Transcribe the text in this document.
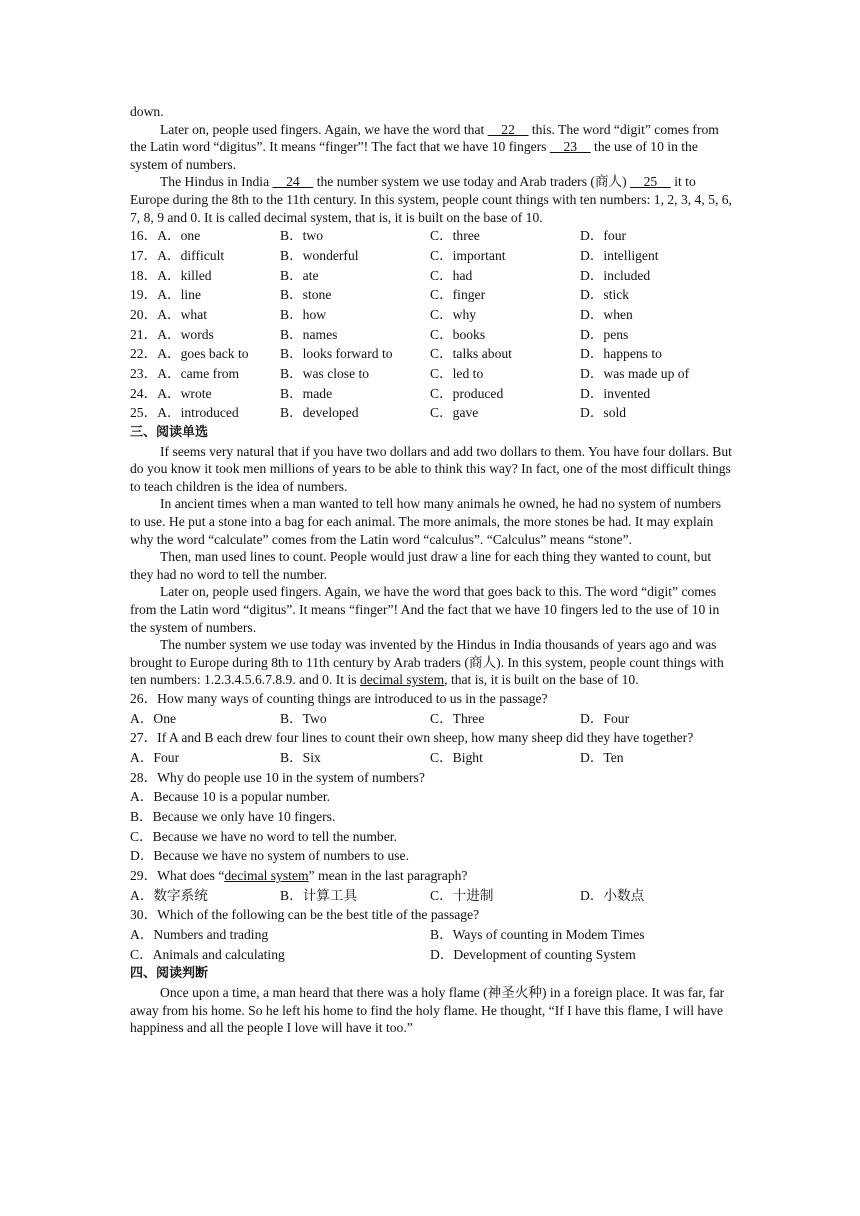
down.

Later on, people used fingers. Again, we have the word that     22     this. The word “digit” comes from the Latin word “digitus”. It means “finger”! The fact that we have 10 fingers     23     the use of 10 in the system of numbers.

The Hindus in India     24     the number system we use today and Arab traders (商人)     25     it to Europe during the 8th to the 11th century. In this system, people count things with ten numbers: 1, 2, 3, 4, 5, 6, 7, 8, 9 and 0. It is called decimal system, that is, it is built on the base of 10.

16．A．one	B．two	C．three	D．four
17．A．difficult	B．wonderful	C．important	D．intelligent
18．A．killed	B．ate	C．had	D．included
19．A．line	B．stone	C．finger	D．stick
20．A．what	B．how	C．why	D．when
21．A．words	B．names	C．books	D．pens
22．A．goes back to	B．looks forward to	C．talks about	D．happens to
23．A．came from	B．was close to	C．led to	D．was made up of
24．A．wrote	B．made	C．produced	D．invented
25．A．introduced	B．developed	C．gave	D．sold
三、阅读单选

If seems very natural that if you have two dollars and add two dollars to them. You have four dollars. But do you know it took men millions of years to be able to think this way? In fact, one of the most difficult things to teach children is the idea of numbers.

In ancient times when a man wanted to tell how many animals he owned, he had no system of numbers to use. He put a stone into a bag for each animal. The more animals, the more stones be had. It may explain why the word “calculate” comes from the Latin word “calculus”. “Calculus” means “stone”.

Then, man used lines to count. People would just draw a line for each thing they wanted to count, but they had no word to tell the number.

Later on, people used fingers. Again, we have the word that goes back to this. The word “digit” comes from the Latin word “digitus”. It means “finger”! And the fact that we have 10 fingers led to the use of 10 in the system of numbers.

The number system we use today was invented by the Hindus in India thousands of years ago and was brought to Europe during 8th to 11th century by Arab traders (商人). In this system, people count things with ten numbers: 1.2.3.4.5.6.7.8.9. and 0. It is decimal system, that is, it is built on the base of 10.

26．How many ways of counting things are introduced to us in the passage?
A．One	B．Two	C．Three	D．Four

27．If A and B each drew four lines to count their own sheep, how many sheep did they have together?

A．Four	B．Six	C．Bight	D．Ten
28．Why do people use 10 in the system of numbers?
A．Because 10 is a popular number.
B．Because we only have 10 fingers.
C．Because we have no word to tell the number.
D．Because we have no system of numbers to use.
29．What does “ decimal system ” mean in the last paragraph?
A．数字系统	B．计算工具	C．十进制	D．小数点
30．Which of the following can be the best title of the passage?
A．Numbers and trading	B．Ways of counting in Modem Times
C．Animals and calculating	D．Development of counting System
四、阅读判断

Once upon a time, a man heard that there was a holy flame (神圣火种) in a foreign place. It was far, far away from his home. So he left his home to find the holy flame. He thought, “If I have this flame, I will have happiness and all the people I love will have it too.”
